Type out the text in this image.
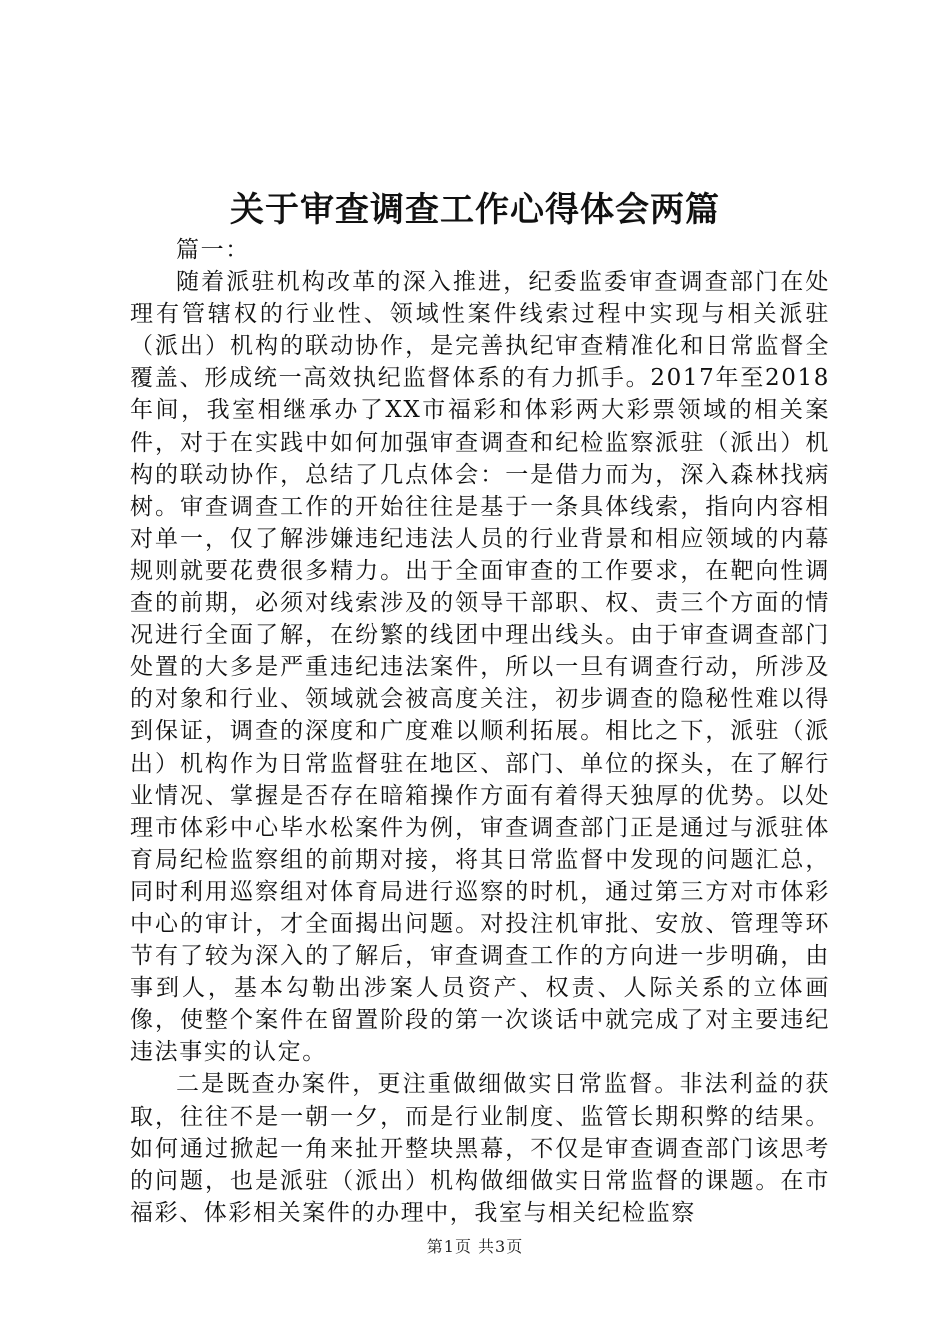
关于审查调查工作心得体会两篇

篇一：

随着派驻机构改革的深入推进，纪委监委审查调查部门在处理有管辖权的行业性、领域性案件线索过程中实现与相关派驻（派出）机构的联动协作，是完善执纪审查精准化和日常监督全覆盖、形成统一高效执纪监督体系的有力抓手。2017年至2018年间，我室相继承办了XX市福彩和体彩两大彩票领域的相关案件，对于在实践中如何加强审查调查和纪检监察派驻（派出）机构的联动协作，总结了几点体会：一是借力而为，深入森林找病树。审查调查工作的开始往往是基于一条具体线索，指向内容相对单一，仅了解涉嫌违纪违法人员的行业背景和相应领域的内幕规则就要花费很多精力。出于全面审查的工作要求，在靶向性调查的前期，必须对线索涉及的领导干部职、权、责三个方面的情况进行全面了解，在纷繁的线团中理出线头。由于审查调查部门处置的大多是严重违纪违法案件，所以一旦有调查行动，所涉及的对象和行业、领域就会被高度关注，初步调查的隐秘性难以得到保证，调查的深度和广度难以顺利拓展。相比之下，派驻（派出）机构作为日常监督驻在地区、部门、单位的探头，在了解行业情况、掌握是否存在暗箱操作方面有着得天独厚的优势。以处理市体彩中心毕水松案件为例，审查调查部门正是通过与派驻体育局纪检监察组的前期对接，将其日常监督中发现的问题汇总，同时利用巡察组对体育局进行巡察的时机，通过第三方对市体彩中心的审计，才全面揭出问题。对投注机审批、安放、管理等环节有了较为深入的了解后，审查调查工作的方向进一步明确，由事到人，基本勾勒出涉案人员资产、权责、人际关系的立体画像，使整个案件在留置阶段的第一次谈话中就完成了对主要违纪违法事实的认定。

二是既查办案件，更注重做细做实日常监督。非法利益的获取，往往不是一朝一夕，而是行业制度、监管长期积弊的结果。如何通过掀起一角来扯开整块黑幕，不仅是审查调查部门该思考的问题，也是派驻（派出）机构做细做实日常监督的课题。在市福彩、体彩相关案件的办理中，我室与相关纪检监察

第1页 共3页
